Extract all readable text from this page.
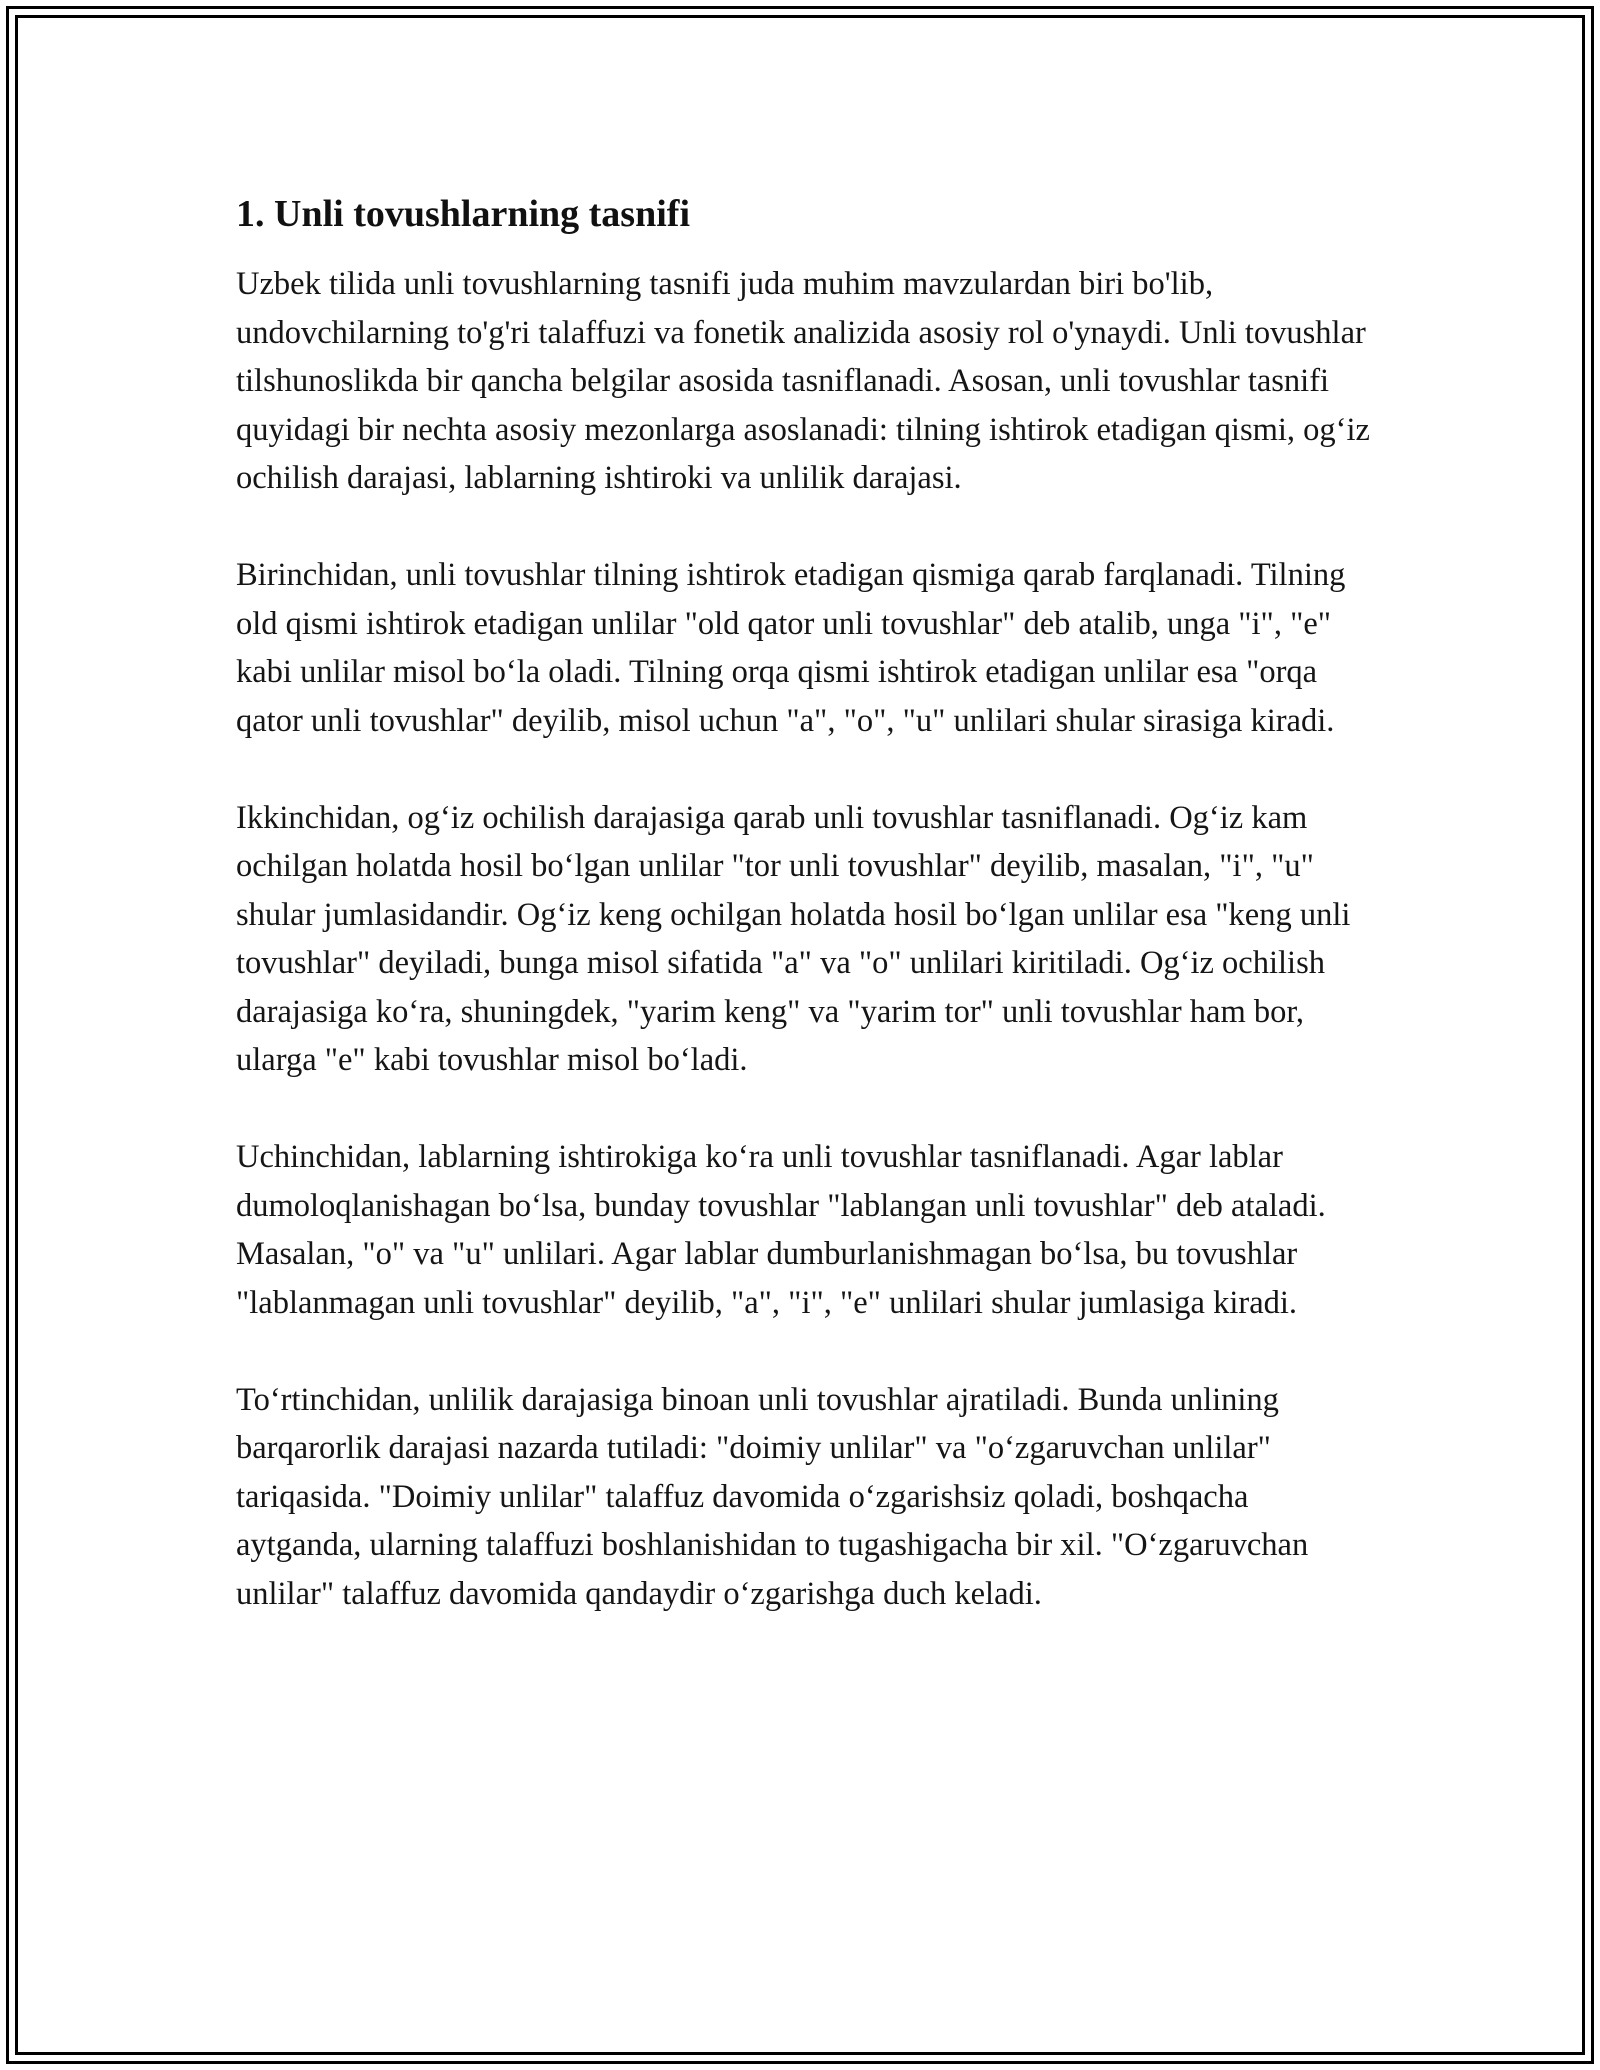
1. Unli tovushlarning tasnifi

Uzbek tilida unli tovushlarning tasnifi juda muhim mavzulardan biri bo'lib, undovchilarning to'g'ri talaffuzi va fonetik analizida asosiy rol o'ynaydi. Unli tovushlar tilshunoslikda bir qancha belgilar asosida tasniflanadi. Asosan, unli tovushlar tasnifi quyidagi bir nechta asosiy mezonlarga asoslanadi: tilning ishtirok etadigan qismi, og‘iz ochilish darajasi, lablarning ishtiroki va unlilik darajasi.

Birinchidan, unli tovushlar tilning ishtirok etadigan qismiga qarab farqlanadi. Tilning old qismi ishtirok etadigan unlilar "old qator unli tovushlar" deb atalib, unga "i", "e" kabi unlilar misol bo‘la oladi. Tilning orqa qismi ishtirok etadigan unlilar esa "orqa qator unli tovushlar" deyilib, misol uchun "a", "o", "u" unlilari shular sirasiga kiradi.

Ikkinchidan, og‘iz ochilish darajasiga qarab unli tovushlar tasniflanadi. Og‘iz kam ochilgan holatda hosil bo‘lgan unlilar "tor unli tovushlar" deyilib, masalan, "i", "u" shular jumlasidandir. Og‘iz keng ochilgan holatda hosil bo‘lgan unlilar esa "keng unli tovushlar" deyiladi, bunga misol sifatida "a" va "o" unlilari kiritiladi. Og‘iz ochilish darajasiga ko‘ra, shuningdek, "yarim keng" va "yarim tor" unli tovushlar ham bor, ularga "e" kabi tovushlar misol bo‘ladi.

Uchinchidan, lablarning ishtirokiga ko‘ra unli tovushlar tasniflanadi. Agar lablar dumoloqlanishagan bo‘lsa, bunday tovushlar "lablangan unli tovushlar" deb ataladi. Masalan, "o" va "u" unlilari. Agar lablar dumburlanishmagan bo‘lsa, bu tovushlar "lablanmagan unli tovushlar" deyilib, "a", "i", "e" unlilari shular jumlasiga kiradi.

To‘rtinchidan, unlilik darajasiga binoan unli tovushlar ajratiladi. Bunda unlining barqarorlik darajasi nazarda tutiladi: "doimiy unlilar" va "o‘zgaruvchan unlilar" tariqasida. "Doimiy unlilar" talaffuz davomida o‘zgarishsiz qoladi, boshqacha aytganda, ularning talaffuzi boshlanishidan to tugashigacha bir xil. "O‘zgaruvchan unlilar" talaffuz davomida qandaydir o‘zgarishga duch keladi.
